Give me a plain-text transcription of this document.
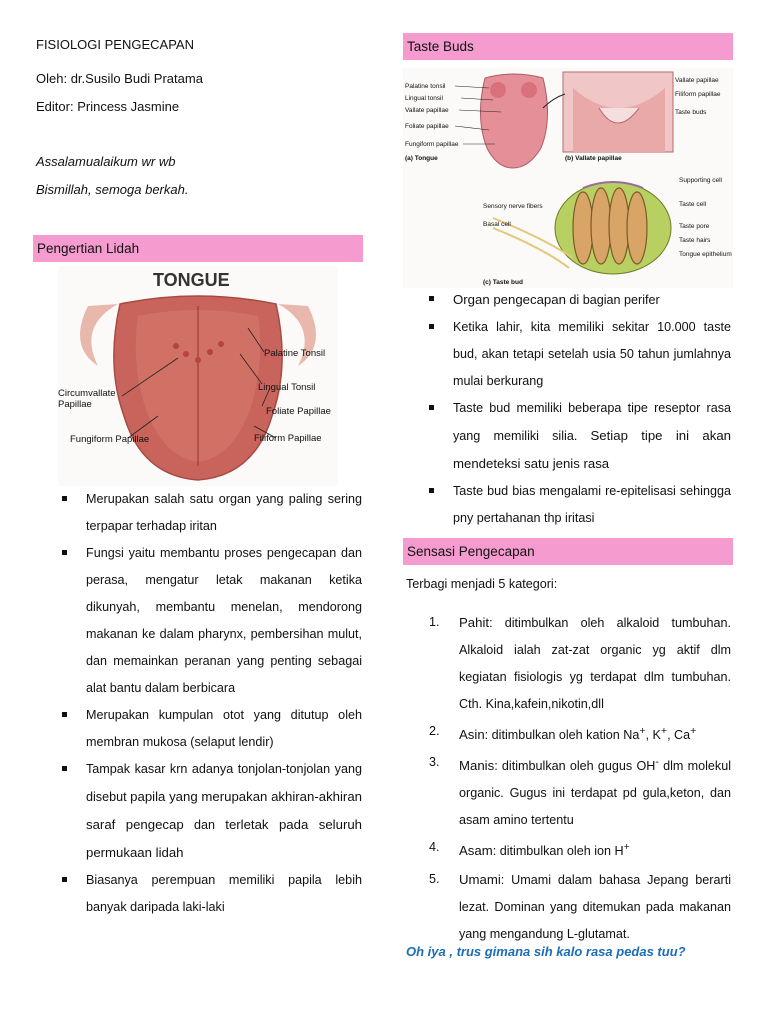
FISIOLOGI PENGECAPAN
Oleh: dr.Susilo Budi Pratama
Editor: Princess Jasmine
Assalamualaikum wr wb
Bismillah, semoga berkah.
Pengertian Lidah
TONGUE
Palatine Tonsil
Lingual Tonsil
Circumvallate Papillae
Foliate Papillae
Fungiform Papillae	Filiform Papillae
Merupakan salah satu organ yang paling sering terpapar terhadap iritan
Fungsi yaitu membantu proses pengecapan dan perasa, mengatur letak makanan ketika dikunyah, membantu menelan, mendorong makanan ke dalam pharynx, pembersihan mulut, dan memainkan peranan yang penting sebagai alat bantu dalam berbicara
Merupakan kumpulan otot yang ditutup oleh membran mukosa (selaput lendir)
Tampak kasar krn adanya tonjolan-tonjolan yang disebut papila yang merupakan akhiran-akhiran saraf pengecap dan terletak pada seluruh permukaan lidah
Biasanya perempuan memiliki papila lebih banyak daripada laki-laki
Taste Buds
Palatine tonsil
Lingual tonsil
Vallate papillae
Foliate papillae
Fungiform papillae
(a) Tongue
Vallate papillae
Filiform papillae
Taste buds
(b) Vallate papillae
Sensory nerve fibers
Basal cell
Supporting cell
Taste cell
Taste pore
Taste hairs
Tongue epithelium
(c) Taste bud
Organ pengecapan di bagian perifer
Ketika lahir, kita memiliki sekitar 10.000 taste bud, akan tetapi setelah usia 50 tahun jumlahnya mulai berkurang
Taste bud memiliki beberapa tipe reseptor rasa yang memiliki silia. Setiap tipe ini akan mendeteksi satu jenis rasa
Taste bud bias mengalami re-epitelisasi sehingga pny pertahanan thp iritasi
Sensasi Pengecapan
Terbagi menjadi 5 kategori:
1. Pahit: ditimbulkan oleh alkaloid tumbuhan. Alkaloid ialah zat-zat organic yg aktif dlm kegiatan fisiologis yg terdapat dlm tumbuhan. Cth. Kina,kafein,nikotin,dll
2. Asin: ditimbulkan oleh kation Na+, K+, Ca+
3. Manis: ditimbulkan oleh gugus OH- dlm molekul organic. Gugus ini terdapat pd gula,keton, dan asam amino tertentu
4. Asam: ditimbulkan oleh ion H+
5. Umami: Umami dalam bahasa Jepang berarti lezat. Dominan yang ditemukan pada makanan yang mengandung L-glutamat.
Oh iya , trus gimana sih kalo rasa pedas tuu?
